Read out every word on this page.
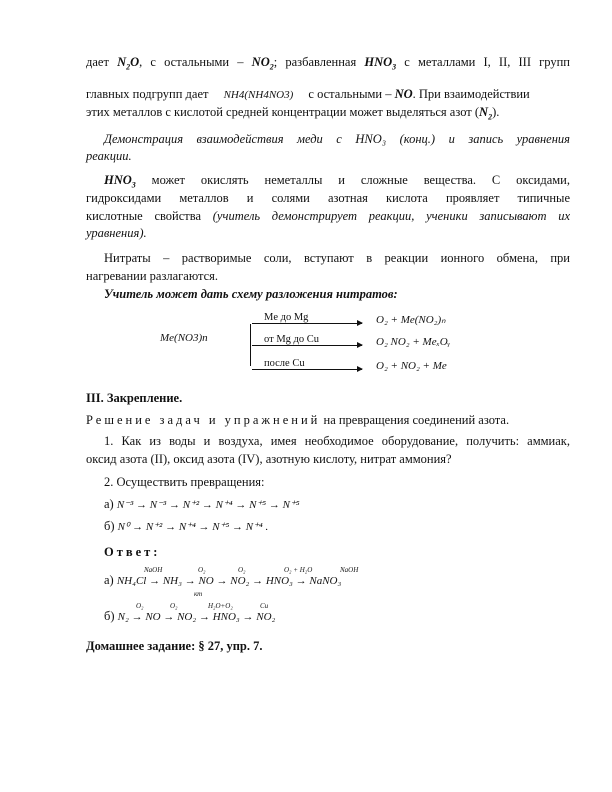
дает $N_2O$, с остальными – $NO_2$; разбавленная $HNO_3$ с металлами I, II, III групп
главных подгрупп дает NH4(NH4NO3) с остальными – NO. При взаимодействии
этих металлов с кислотой средней концентрации может выделяться азот $(N_2)$.
Демонстрация взаимодействия меди с HNO₃ (конц.) и запись уравнения
реакции.
$HNO_3$ может окислять неметаллы и сложные вещества. С оксидами,
гидроксидами металлов и солями азотная кислота проявляет типичные
кислотные свойства (учитель демонстрирует реакции, ученики записывают их
уравнения).
Нитраты – растворимые соли, вступают в реакции ионного обмена, при
нагревании разлагаются.
Учитель может дать схему разложения нитратов:
Me(NO3)n
Me до Mg	O₂ + Me(NO₂)ₙ
от Mg до Cu	O₂ NO₂ + MeₓOᵧ
после Cu	O₂ + NO₂ + Me
III. Закрепление.
Решение задач и упражнений на превращения соединений азота.
1. Как из воды и воздуха, имея необходимое оборудование, получить: аммиак,
оксид азота (II), оксид азота (IV), азотную кислоту, нитрат аммония?
2. Осуществить превращения:
а) N⁻³ → N⁻³ → N⁺² → N⁺⁴ → N⁺⁵ → N⁺⁵
б) N⁰ → N⁺² → N⁺⁴ → N⁺⁵ → N⁺⁴ .
Ответ:
а) NH₄Cl → NH₃ → NO → NO₂ → HNO₃ → NaNO₃
NaOH	O₂	O₂	O₂ + H₂O	NaOH
кт
б) N₂ → NO → NO₂ → HNO₃ → NO₂
O₂	O₂	H₂O+O₂	Cu
Домашнее задание: § 27, упр. 7.
